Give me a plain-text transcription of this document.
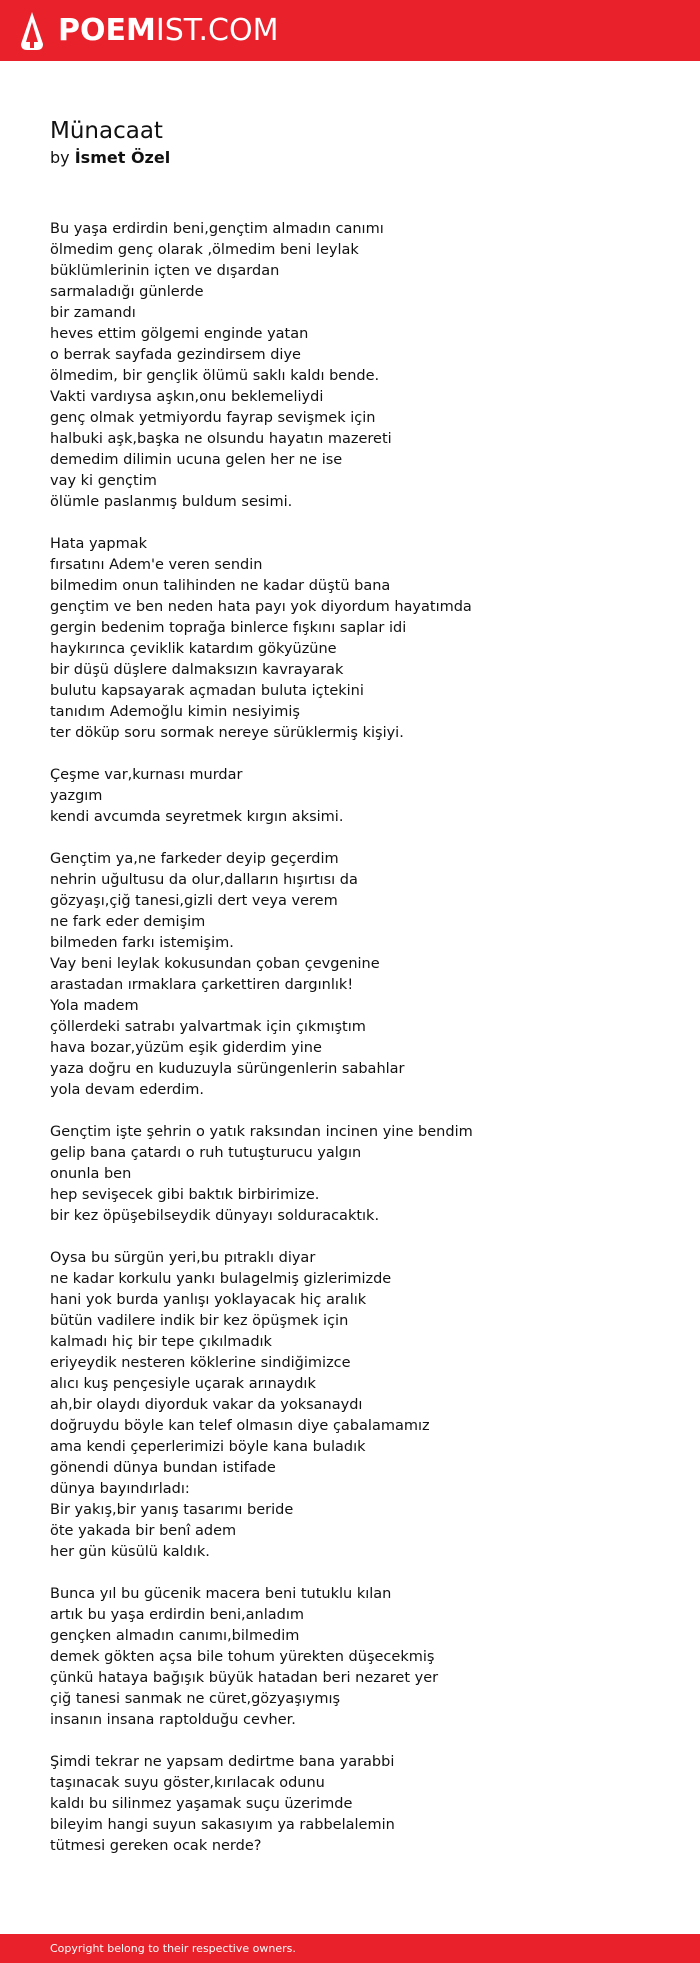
POEMIST.COM
Münacaat
by İsmet Özel
Bu yaşa erdirdin beni,gençtim almadın canımı
ölmedim genç olarak ,ölmedim beni leylak
büklümlerinin içten ve dışardan
sarmaladığı günlerde
bir zamandı
heves ettim gölgemi enginde yatan
o berrak sayfada gezindirsem diye
ölmedim, bir gençlik ölümü saklı kaldı bende.
Vakti vardıysa aşkın,onu beklemeliydi
genç olmak yetmiyordu fayrap sevişmek için
halbuki aşk,başka ne olsundu hayatın mazereti
demedim dilimin ucuna gelen her ne ise
vay ki gençtim
ölümle paslanmış buldum sesimi.
Hata yapmak
fırsatını Adem'e veren sendin
bilmedim onun talihinden ne kadar düştü bana
gençtim ve ben neden hata payı yok diyordum hayatımda
gergin bedenim toprağa binlerce fışkını saplar idi
haykırınca çeviklik katardım gökyüzüne
bir düşü düşlere dalmaksızın kavrayarak
bulutu kapsayarak açmadan buluta içtekini
tanıdım Ademoğlu kimin nesiyimiş
ter döküp soru sormak nereye sürüklermiş kişiyi.
Çeşme var,kurnası murdar
yazgım
kendi avcumda seyretmek kırgın aksimi.
Gençtim ya,ne farkeder deyip geçerdim
nehrin uğultusu da olur,dalların hışırtısı da
gözyaşı,çiğ tanesi,gizli dert veya verem
ne fark eder demişim
bilmeden farkı istemişim.
Vay beni leylak kokusundan çoban çevgenine
arastadan ırmaklara çarkettiren dargınlık!
Yola madem
çöllerdeki satrabı yalvartmak için çıkmıştım
hava bozar,yüzüm eşik giderdim yine
yaza doğru en kuduzuyla sürüngenlerin sabahlar
yola devam ederdim.
Gençtim işte şehrin o yatık raksından incinen yine bendim
gelip bana çatardı o ruh tutuşturucu yalgın
onunla ben
hep sevişecek gibi baktık birbirimize.
bir kez öpüşebilseydik dünyayı solduracaktık.
Oysa bu sürgün yeri,bu pıtraklı diyar
ne kadar korkulu yankı bulagelmiş gizlerimizde
hani yok burda yanlışı yoklayacak hiç aralık
bütün vadilere indik bir kez öpüşmek için
kalmadı hiç bir tepe çıkılmadık
eriyeydik nesteren köklerine sindiğimizce
alıcı kuş pençesiyle uçarak arınaydık
ah,bir olaydı diyorduk vakar da yoksanaydı
doğruydu böyle kan telef olmasın diye çabalamamız
ama kendi çeperlerimizi böyle kana buladık
gönendi dünya bundan istifade
dünya bayındırladı:
Bir yakış,bir yanış tasarımı beride
öte yakada bir benî adem
her gün küsülü kaldık.
Bunca yıl bu gücenik macera beni tutuklu kılan
artık bu yaşa erdirdin beni,anladım
gençken almadın canımı,bilmedim
demek gökten açsa bile tohum yürekten düşecekmiş
çünkü hataya bağışık büyük hatadan beri nezaret yer
çiğ tanesi sanmak ne cüret,gözyaşıymış
insanın insana raptolduğu cevher.
Şimdi tekrar ne yapsam dedirtme bana yarabbi
taşınacak suyu göster,kırılacak odunu
kaldı bu silinmez yaşamak suçu üzerimde
bileyim hangi suyun sakasıyım ya rabbelalemin
tütmesi gereken ocak nerde?
Copyright belong to their respective owners.
